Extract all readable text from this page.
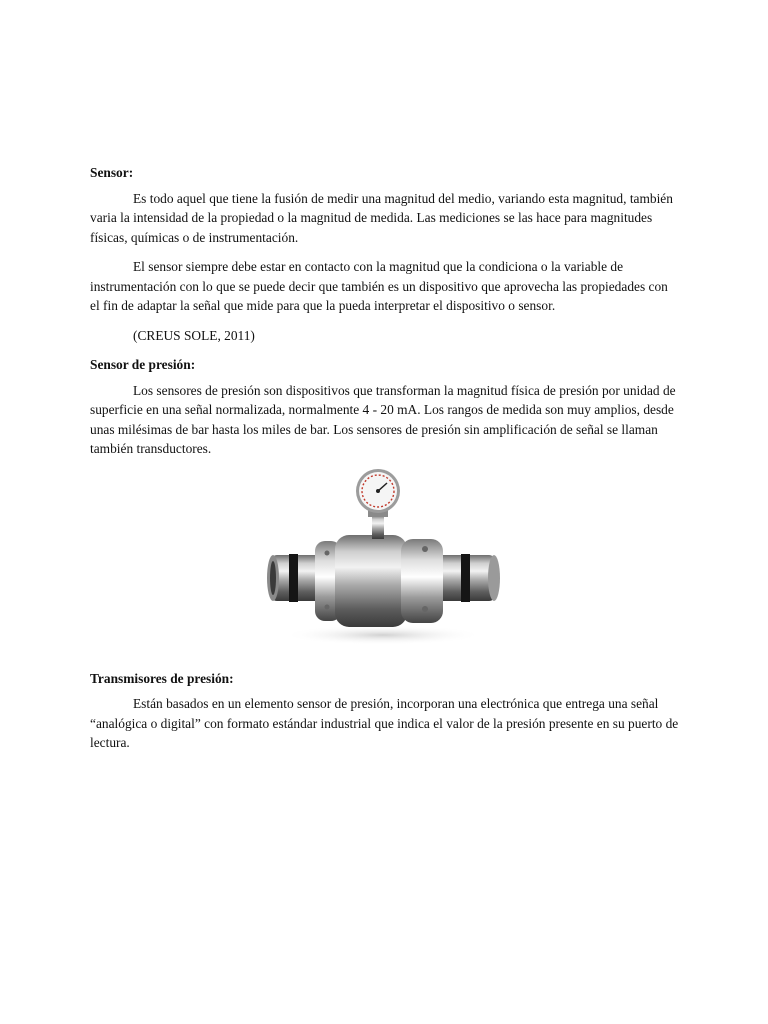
Sensor:

Es todo aquel que tiene la fusión de medir una magnitud del medio, variando esta magnitud, también varia la intensidad de la propiedad o la magnitud de medida. Las mediciones se las hace para magnitudes físicas, químicas o de instrumentación.

El sensor siempre debe estar en contacto con la magnitud que la condiciona o la variable de instrumentación con lo que se puede decir que también es un dispositivo que aprovecha las propiedades con el fin de adaptar la señal que mide para que la pueda interpretar el dispositivo o sensor.

(CREUS SOLE, 2011)

Sensor de presión:

Los sensores de presión son dispositivos que transforman la magnitud física de presión por unidad de superficie en una señal normalizada, normalmente 4 - 20 mA. Los rangos de medida son muy amplios, desde unas milésimas de bar hasta los miles de bar. Los sensores de presión sin amplificación de señal se llaman también transductores.

Transmisores de presión:

Están basados en un elemento sensor de presión, incorporan una electrónica que entrega una señal “analógica o digital” con formato estándar industrial que indica el valor de la presión presente en su puerto de lectura.
